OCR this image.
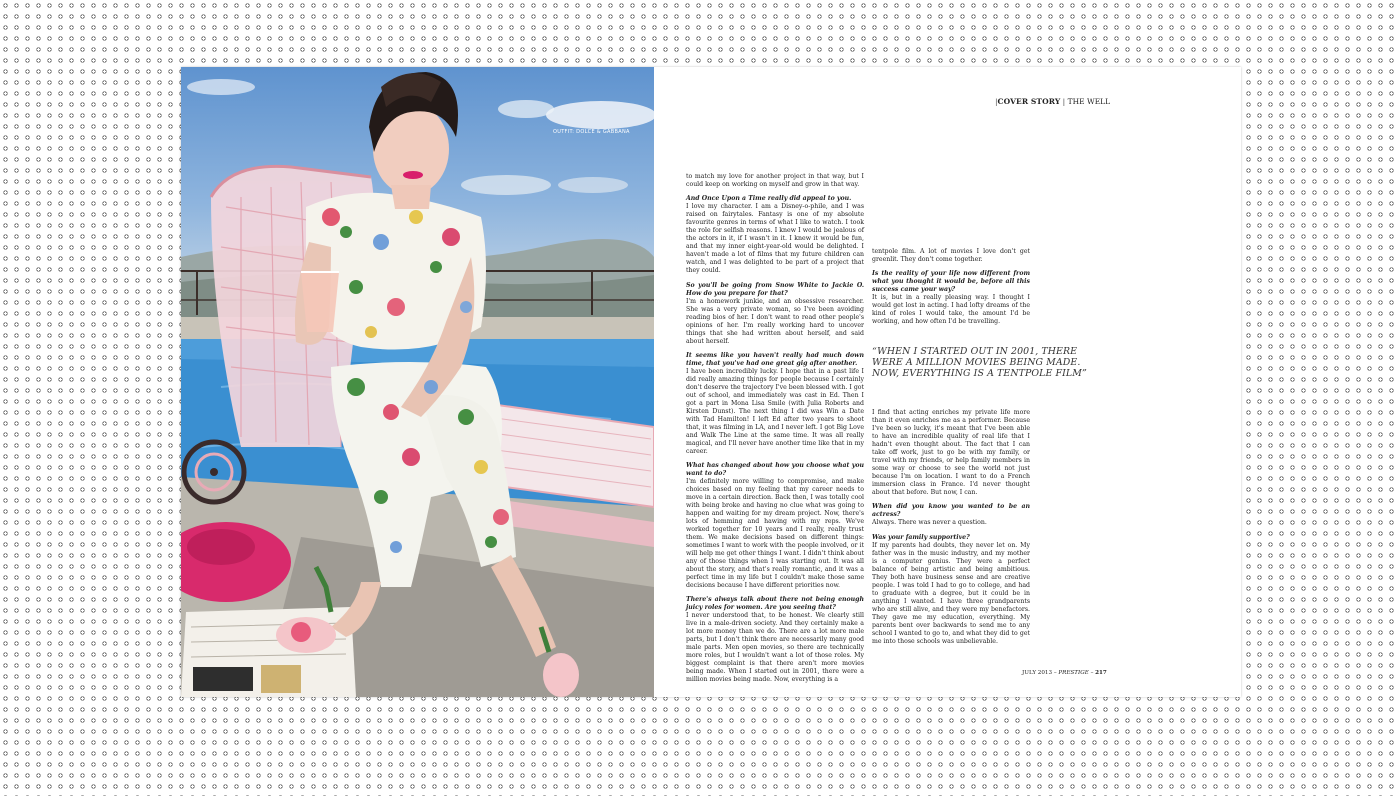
OUTFIT: DOLCE & GABBANA
|COVER STORY | THE WELL

to match my love for another project in that way, but I could keep on working on myself and grow in that way.

And Once Upon a Time really did appeal to you.
I love my character. I am a Disney-o-phile, and I was raised on fairytales. Fantasy is one of my absolute favourite genres in terms of what I like to watch. I took the role for selfish reasons. I knew I would be jealous of the actors in it, if I wasn't in it. I knew it would be fun, and that my inner eight-year-old would be delighted. I haven't made a lot of films that my future children can watch, and I was delighted to be part of a project that they could.

So you'll be going from Snow White to Jackie O. How do you prepare for that?
I'm a homework junkie, and an obsessive researcher. She was a very private woman, so I've been avoiding reading bios of her. I don't want to read other people's opinions of her. I'm really working hard to uncover things that she had written about herself, and said about herself.

It seems like you haven't really had much down time, that you've had one great gig after another.
I have been incredibly lucky. I hope that in a past life I did really amazing things for people because I certainly don't deserve the trajectory I've been blessed with. I got out of school, and immediately was cast in Ed. Then I got a part in Mona Lisa Smile (with Julia Roberts and Kirsten Dunst). The next thing I did was Win a Date with Tad Hamilton! I left Ed after two years to shoot that, it was filming in LA, and I never left. I got Big Love and Walk The Line at the same time. It was all really magical, and I'll never have another time like that in my career.

What has changed about how you choose what you want to do?
I'm definitely more willing to compromise, and make choices based on my feeling that my career needs to move in a certain direction. Back then, I was totally cool with being broke and having no clue what was going to happen and waiting for my dream project. Now, there's lots of hemming and hawing with my reps. We've worked together for 10 years and I really, really trust them. We make decisions based on different things: sometimes I want to work with the people involved, or it will help me get other things I want. I didn't think about any of those things when I was starting out. It was all about the story, and that's really romantic, and it was a perfect time in my life but I couldn't make those same decisions because I have different priorities now.

There's always talk about there not being enough juicy roles for women. Are you seeing that?
I never understood that, to be honest. We clearly still live in a male-driven society. And they certainly make a lot more money than we do. There are a lot more male parts, but I don't think there are necessarily many good male parts. Men open movies, so there are technically more roles, but I wouldn't want a lot of those roles. My biggest complaint is that there aren't more movies being made. When I started out in 2001, there were a million movies being made. Now, everything is a

tentpole film. A lot of movies I love don't get greenlit. They don't come together.

Is the reality of your life now different from what you thought it would be, before all this success came your way?
It is, but in a really pleasing way. I thought I would get lost in acting. I had lofty dreams of the kind of roles I would take, the amount I'd be working, and how often I'd be travelling.

“WHEN I STARTED OUT IN 2001, THERE WERE A MILLION MOVIES BEING MADE. NOW, EVERYTHING IS A TENTPOLE FILM”

I find that acting enriches my private life more than it even enriches me as a performer. Because I've been so lucky, it's meant that I've been able to have an incredible quality of real life that I hadn't even thought about. The fact that I can take off work, just to go be with my family, or travel with my friends, or help family members in some way or choose to see the world not just because I'm on location. I want to do a French immersion class in France. I'd never thought about that before. But now, I can.

When did you know you wanted to be an actress?
Always. There was never a question.

Was your family supportive?
If my parents had doubts, they never let on. My father was in the music industry, and my mother is a computer genius. They were a perfect balance of being artistic and being ambitious. They both have business sense and are creative people. I was told I had to go to college, and had to graduate with a degree, but it could be in anything I wanted. I have three grandparents who are still alive, and they were my benefactors. They gave me my education, everything. My parents bent over backwards to send me to any school I wanted to go to, and what they did to get me into those schools was unbelievable.

JULY 2013 – PRESTIGE – 217
